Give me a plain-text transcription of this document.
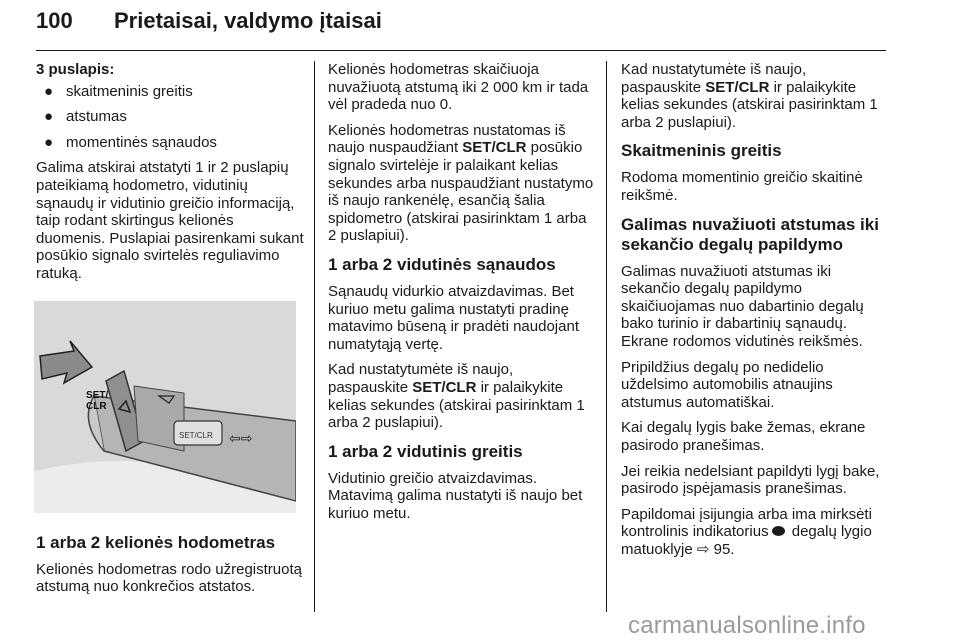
100 Prietaisai, valdymo įtaisai
3 puslapis:
● skaitmeninis greitis
● atstumas
● momentinės sąnaudos

Galima atskirai atstatyti 1 ir 2 puslapių pateikiamą hodometro, vidutinių sąnaudų ir vidutinio greičio informaciją, taip rodant skirtingus kelionės duomenis. Puslapiai pasirenkami sukant posūkio signalo svirtelės reguliavimo ratuką.

SET/ CLR
SET/CLR ⇦⇨
1 arba 2 kelionės hodometras

Kelionės hodometras rodo užregistruotą atstumą nuo konkrečios atstatos.

Kelionės hodometras skaičiuoja nuvažiuotą atstumą iki 2 000 km ir tada vėl pradeda nuo 0.

Kelionės hodometras nustatomas iš naujo nuspaudžiant SET/CLR posūkio signalo svirtelėje ir palaikant kelias sekundes arba nuspaudžiant nustatymo iš naujo rankenėlę, esančią šalia spidometro (atskirai pasirinktam 1 arba 2 puslapiui).

1 arba 2 vidutinės sąnaudos

Sąnaudų vidurkio atvaizdavimas. Bet kuriuo metu galima nustatyti pradinę matavimo būseną ir pradėti naudojant numatytąją vertę.

Kad nustatytumėte iš naujo, paspauskite SET/CLR ir palaikykite kelias sekundes (atskirai pasirinktam 1 arba 2 puslapiui).

1 arba 2 vidutinis greitis

Vidutinio greičio atvaizdavimas. Matavimą galima nustatyti iš naujo bet kuriuo metu.

Kad nustatytumėte iš naujo, paspauskite SET/CLR ir palaikykite kelias sekundes (atskirai pasirinktam 1 arba 2 puslapiui).

Skaitmeninis greitis

Rodoma momentinio greičio skaitinė reikšmė.

Galimas nuvažiuoti atstumas iki sekančio degalų papildymo

Galimas nuvažiuoti atstumas iki sekančio degalų papildymo skaičiuojamas nuo dabartinio degalų bako turinio ir dabartinių sąnaudų. Ekrane rodomos vidutinės reikšmės.

Pripildžius degalų po nedidelio uždelsimo automobilis atnaujins atstumus automatiškai.

Kai degalų lygis bake žemas, ekrane pasirodo pranešimas.

Jei reikia nedelsiant papildyti lygį bake, pasirodo įspėjamasis pranešimas.

Papildomai įsijungia arba ima mirksėti kontrolinis indikatorius degalų lygio matuoklyje ⇨ 95.

carmanualsonline.info
